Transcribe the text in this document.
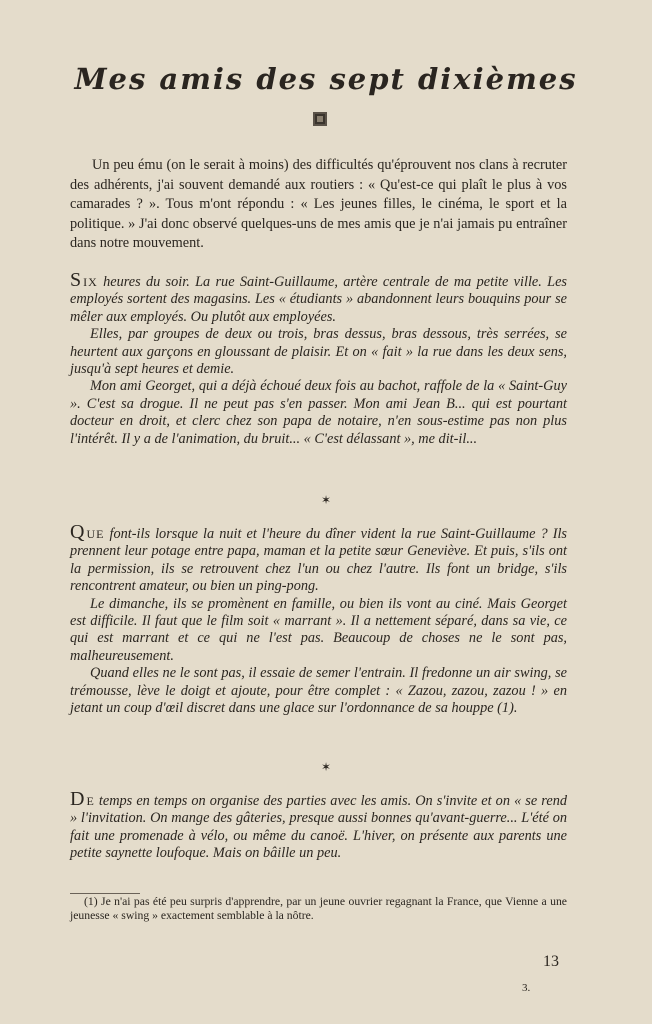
Mes amis des sept dixièmes

Un peu ému (on le serait à moins) des difficultés qu'éprouvent nos clans à recruter des adhérents, j'ai souvent demandé aux routiers : « Qu'est-ce qui plaît le plus à vos camarades ? ». Tous m'ont répondu : « Les jeunes filles, le cinéma, le sport et la politique. » J'ai donc observé quelques-uns de mes amis que je n'ai jamais pu entraîner dans notre mouvement.

SIX heures du soir. La rue Saint-Guillaume, artère centrale de ma petite ville. Les employés sortent des magasins. Les « étudiants » abandonnent leurs bouquins pour se mêler aux employés. Ou plutôt aux employées.

Elles, par groupes de deux ou trois, bras dessus, bras dessous, très serrées, se heurtent aux garçons en gloussant de plaisir. Et on « fait » la rue dans les deux sens, jusqu'à sept heures et demie.

Mon ami Georget, qui a déjà échoué deux fois au bachot, raffole de la « Saint-Guy ». C'est sa drogue. Il ne peut pas s'en passer. Mon ami Jean B... qui est pourtant docteur en droit, et clerc chez son papa de notaire, n'en sous-estime pas non plus l'intérêt. Il y a de l'animation, du bruit... « C'est délassant », me dit-il...

✶

QUE font-ils lorsque la nuit et l'heure du dîner vident la rue Saint-Guillaume ? Ils prennent leur potage entre papa, maman et la petite sœur Geneviève. Et puis, s'ils ont la permission, ils se retrouvent chez l'un ou chez l'autre. Ils font un bridge, s'ils rencontrent amateur, ou bien un ping-pong.

Le dimanche, ils se promènent en famille, ou bien ils vont au ciné. Mais Georget est difficile. Il faut que le film soit « marrant ». Il a nettement séparé, dans sa vie, ce qui est marrant et ce qui ne l'est pas. Beaucoup de choses ne le sont pas, malheureusement.

Quand elles ne le sont pas, il essaie de semer l'entrain. Il fredonne un air swing, se trémousse, lève le doigt et ajoute, pour être complet : « Zazou, zazou, zazou ! » en jetant un coup d'œil discret dans une glace sur l'ordonnance de sa houppe (1).

✶

D E temps en temps on organise des parties avec les amis. On s'invite et on « se rend » l'invitation. On mange des gâteries, presque aussi bonnes qu'avant-guerre... L'été on fait une promenade à vélo, ou même du canoë. L'hiver, on présente aux parents une petite saynette loufoque. Mais on bâille un peu.

(1) Je n'ai pas été peu surpris d'apprendre, par un jeune ouvrier regagnant la France, que Vienne a une jeunesse « swing » exactement semblable à la nôtre.

13
3.
